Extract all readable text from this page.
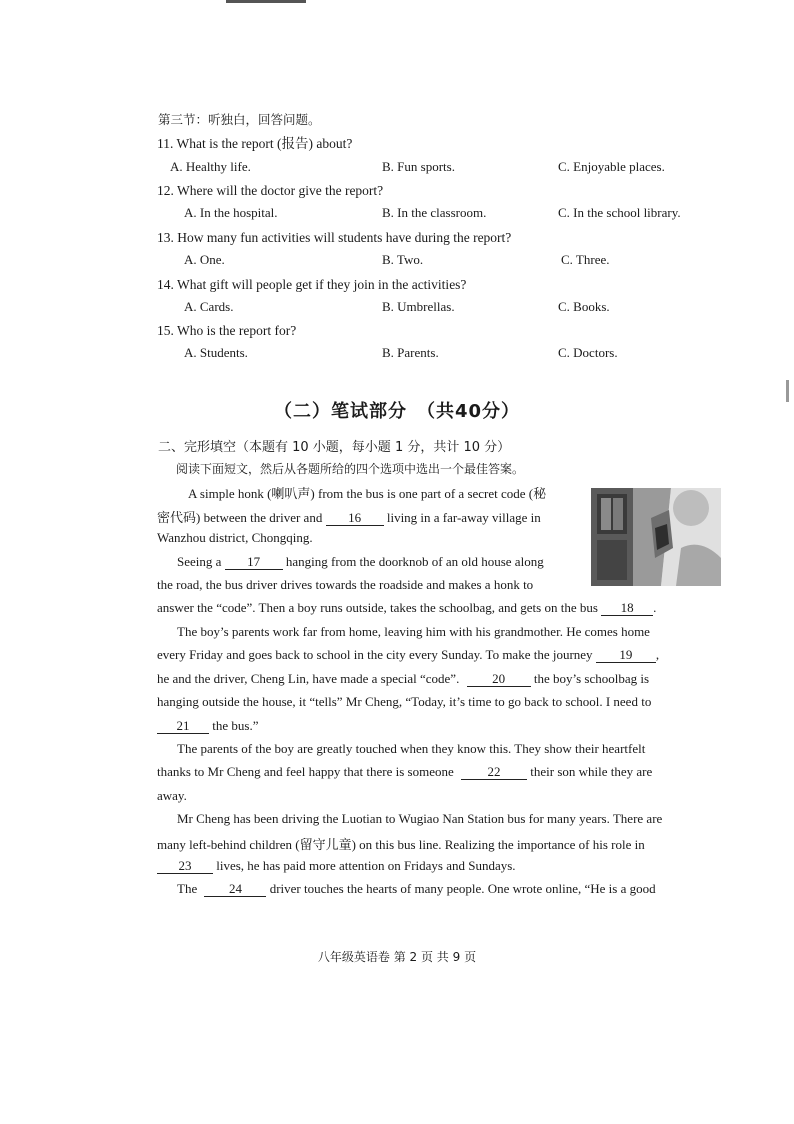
第三节：听独白，回答问题。
11. What is the report (报告) about?
A. Healthy life.	B. Fun sports.	C. Enjoyable places.
12. Where will the doctor give the report?
A. In the hospital.	B. In the classroom.	C. In the school library.
13. How many fun activities will students have during the report?
A. One.	B. Two.	C. Three.
14. What gift will people get if they join in the activities?
A. Cards.	B. Umbrellas.	C. Books.
15. Who is the report for?
A. Students.	B. Parents.	C. Doctors.
（二）笔试部分　（共40分）
二、完形填空（本题有 10 小题，每小题 1 分，共计 10 分）
阅读下面短文，然后从各题所给的四个选项中选出一个最佳答案。
A simple honk (喇叭声) from the bus is one part of a secret code (秘
密代码) between the driver and 16 living in a far-away village in
Wanzhou district, Chongqing.
Seeing a 17 hanging from the doorknob of an old house along
the road, the bus driver drives towards the roadside and makes a honk to
answer the “code”. Then a boy runs outside, takes the schoolbag, and gets on the bus 18 .
The boy’s parents work far from home, leaving him with his grandmother. He comes home
every Friday and goes back to school in the city every Sunday. To make the journey 19 ,
he and the driver, Cheng Lin, have made a special “code”.	20 the boy’s schoolbag is
hanging outside the house, it “tells” Mr Cheng, “Today, it’s time to go back to school. I need to
21 the bus.”
The parents of the boy are greatly touched when they know this. They show their heartfelt
thanks to Mr Cheng and feel happy that there is someone	22 their son while they are
away.
Mr Cheng has been driving the Luotian to Wugiao Nan Station bus for many years. There are
many left-behind children (留守儿童) on this bus line. Realizing the importance of his role in
23 lives, he has paid more attention on Fridays and Sundays.
The 24 driver touches the hearts of many people. One wrote online, “He is a good
八年级英语卷 第 2 页 共 9 页
